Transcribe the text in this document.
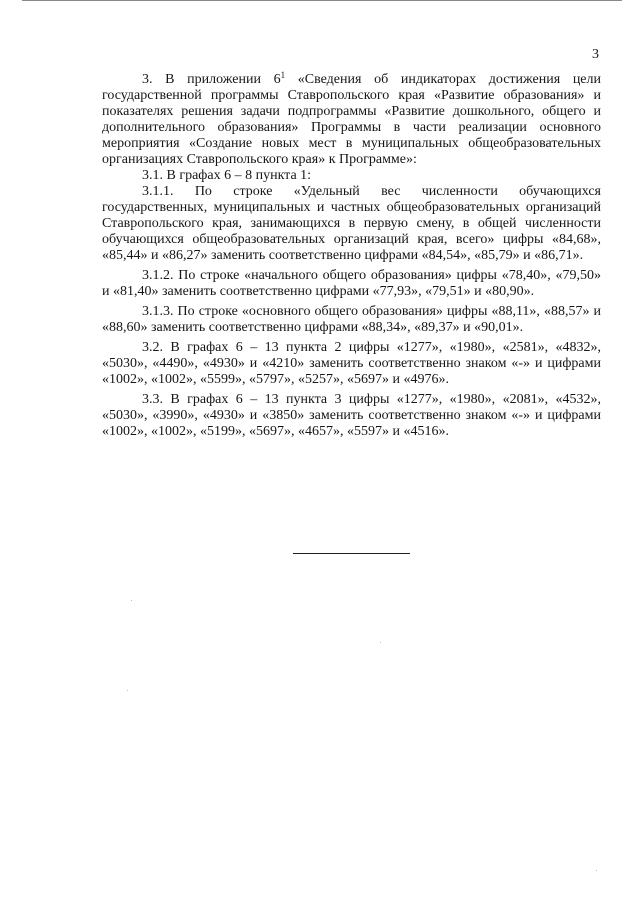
3

3. В приложении $6^1$ «Сведения об индикаторах достижения цели государственной программы Ставропольского края «Развитие образования» и показателях решения задачи подпрограммы «Развитие дошкольного, общего и дополнительного образования» Программы в части реализации основного мероприятия «Создание новых мест в муниципальных общеобразовательных организациях Ставропольского края» к Программе»:

3.1. В графах 6 – 8 пункта 1:

3.1.1. По строке «Удельный вес численности обучающихся государственных, муниципальных и частных общеобразовательных организаций Ставропольского края, занимающихся в первую смену, в общей численности обучающихся общеобразовательных организаций края, всего» цифры «84,68», «85,44» и «86,27» заменить соответственно цифрами «84,54», «85,79» и «86,71».

3.1.2. По строке «начального общего образования» цифры «78,40», «79,50» и «81,40» заменить соответственно цифрами «77,93», «79,51» и «80,90».

3.1.3. По строке «основного общего образования» цифры «88,11», «88,57» и «88,60» заменить соответственно цифрами «88,34», «89,37» и «90,01».

3.2. В графах 6 – 13 пункта 2 цифры «1277», «1980», «2581», «4832», «5030», «4490», «4930» и «4210» заменить соответственно знаком «-» и цифрами «1002», «1002», «5599», «5797», «5257», «5697» и «4976».

3.3. В графах 6 – 13 пункта 3 цифры «1277», «1980», «2081», «4532», «5030», «3990», «4930» и «3850» заменить соответственно знаком «-» и цифрами «1002», «1002», «5199», «5697», «4657», «5597» и «4516».
